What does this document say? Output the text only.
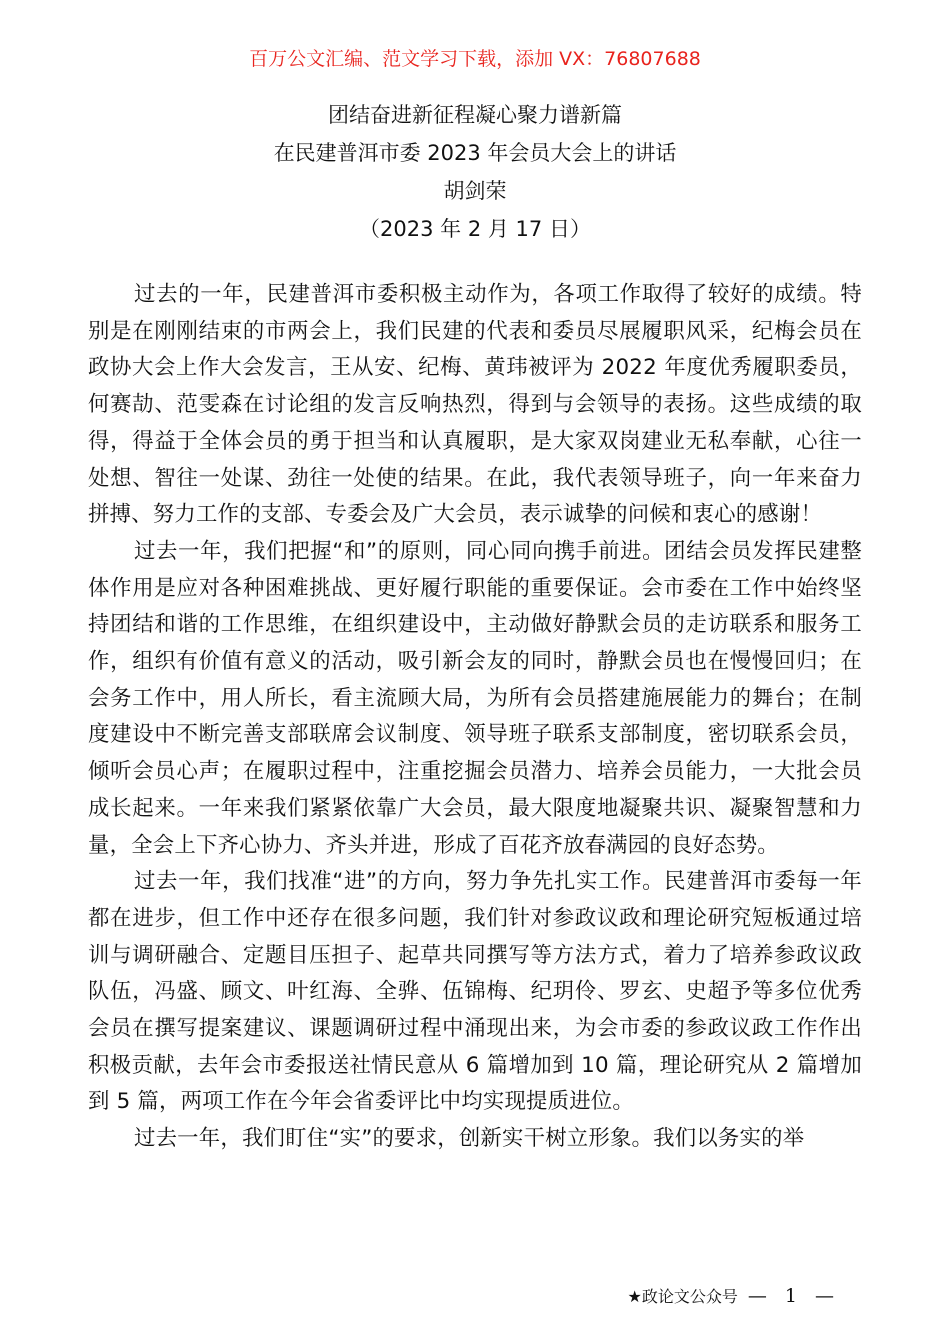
百万公文汇编、范文学习下载，添加 VX：76807688
团结奋进新征程凝心聚力谱新篇
在民建普洱市委 2023 年会员大会上的讲话
胡剑荣
（2023 年 2 月 17 日）

过去的一年，民建普洱市委积极主动作为，各项工作取得了较好的成绩。特别是在刚刚结束的市两会上，我们民建的代表和委员尽展履职风采，纪梅会员在政协大会上作大会发言，王从安、纪梅、黄玮被评为 2022 年度优秀履职委员，何赛劼、范雯森在讨论组的发言反响热烈，得到与会领导的表扬。这些成绩的取得，得益于全体会员的勇于担当和认真履职，是大家双岗建业无私奉献，心往一处想、智往一处谋、劲往一处使的结果。在此，我代表领导班子，向一年来奋力拼搏、努力工作的支部、专委会及广大会员，表示诚挚的问候和衷心的感谢！

过去一年，我们把握“和”的原则，同心同向携手前进。团结会员发挥民建整体作用是应对各种困难挑战、更好履行职能的重要保证。会市委在工作中始终坚持团结和谐的工作思维，在组织建设中，主动做好静默会员的走访联系和服务工作，组织有价值有意义的活动，吸引新会友的同时，静默会员也在慢慢回归；在会务工作中，用人所长，看主流顾大局，为所有会员搭建施展能力的舞台；在制度建设中不断完善支部联席会议制度、领导班子联系支部制度，密切联系会员，倾听会员心声；在履职过程中，注重挖掘会员潜力、培养会员能力，一大批会员成长起来。一年来我们紧紧依靠广大会员，最大限度地凝聚共识、凝聚智慧和力量，全会上下齐心协力、齐头并进，形成了百花齐放春满园的良好态势。

过去一年，我们找准“进”的方向，努力争先扎实工作。民建普洱市委每一年都在进步，但工作中还存在很多问题，我们针对参政议政和理论研究短板通过培训与调研融合、定题目压担子、起草共同撰写等方法方式，着力了培养参政议政队伍，冯盛、顾文、叶红海、全骅、伍锦梅、纪玥伶、罗玄、史超予等多位优秀会员在撰写提案建议、课题调研过程中涌现出来，为会市委的参政议政工作作出积极贡献，去年会市委报送社情民意从 6 篇增加到 10 篇，理论研究从 2 篇增加到 5 篇，两项工作在今年会省委评比中均实现提质进位。

过去一年，我们盯住“实”的要求，创新实干树立形象。我们以务实的举

★政论文公众号 — 1 —
